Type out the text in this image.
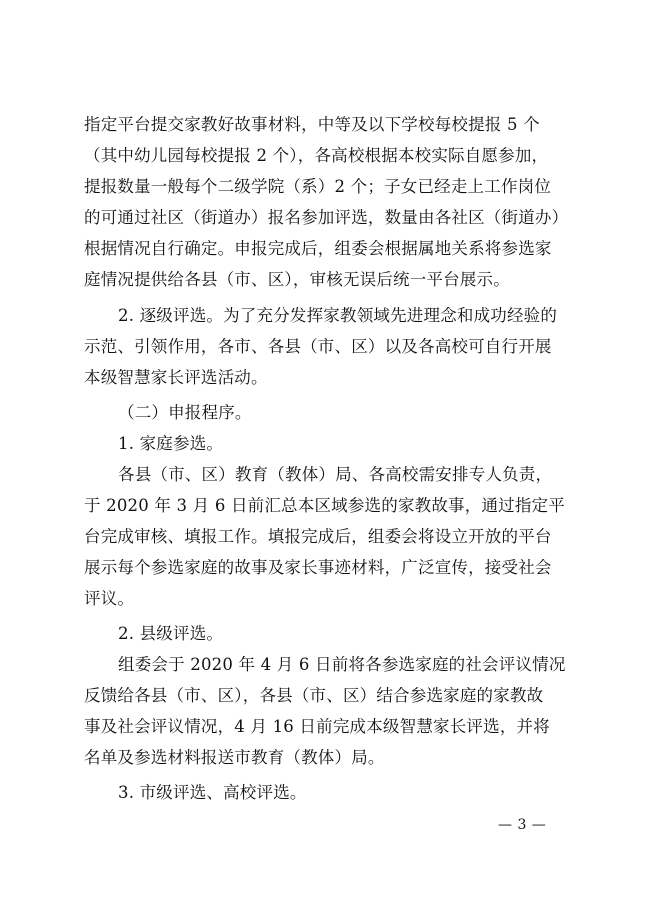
指定平台提交家教好故事材料，中等及以下学校每校提报 5 个
（其中幼儿园每校提报 2 个），各高校根据本校实际自愿参加，
提报数量一般每个二级学院（系）2 个；子女已经走上工作岗位
的可通过社区（街道办）报名参加评选，数量由各社区（街道办）
根据情况自行确定。申报完成后，组委会根据属地关系将参选家
庭情况提供给各县（市、区），审核无误后统一平台展示。
2. 逐级评选。为了充分发挥家教领域先进理念和成功经验的
示范、引领作用，各市、各县（市、区）以及各高校可自行开展
本级智慧家长评选活动。
（二）申报程序。
1. 家庭参选。
各县（市、区）教育（教体）局、各高校需安排专人负责，
于 2020 年 3 月 6 日前汇总本区域参选的家教故事，通过指定平
台完成审核、填报工作。填报完成后，组委会将设立开放的平台
展示每个参选家庭的故事及家长事迹材料，广泛宣传，接受社会
评议。
2. 县级评选。
组委会于 2020 年 4 月 6 日前将各参选家庭的社会评议情况
反馈给各县（市、区），各县（市、区）结合参选家庭的家教故
事及社会评议情况，4 月 16 日前完成本级智慧家长评选，并将
名单及参选材料报送市教育（教体）局。
3. 市级评选、高校评选。
— 3 —
